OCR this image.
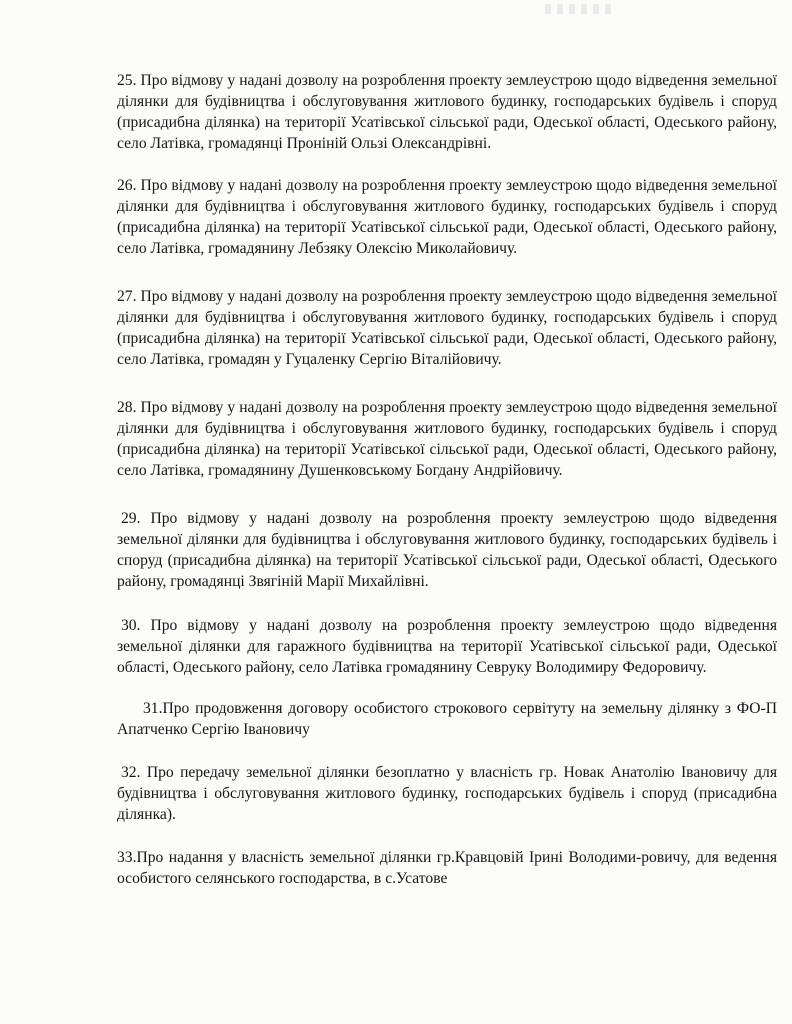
25. Про відмову у надані дозволу на розроблення проекту землеустрою щодо відведення земельної ділянки для будівництва і обслуговування житлового будинку, господарських будівель і споруд (присадибна ділянка) на території Усатівської сільської ради, Одеської області, Одеського району, село Латівка, громадянці Проніній Ользі Олександрівні.

26. Про відмову у надані дозволу на розроблення проекту землеустрою щодо відведення земельної ділянки для будівництва і обслуговування житлового будинку, господарських будівель і споруд (присадибна ділянка) на території Усатівської сільської ради, Одеської області, Одеського району, село Латівка, громадянину Лебзяку Олексію Миколайовичу.

27. Про відмову у надані дозволу на розроблення проекту землеустрою щодо відведення земельної ділянки для будівництва і обслуговування житлового будинку, господарських будівель і споруд (присадибна ділянка) на території Усатівської сільської ради, Одеської області, Одеського району, село Латівка, громадян у Гуцаленку Сергію Віталійовичу.

28. Про відмову у надані дозволу на розроблення проекту землеустрою щодо відведення земельної ділянки для будівництва і обслуговування житлового будинку, господарських будівель і споруд (присадибна ділянка) на території Усатівської сільської ради, Одеської області, Одеського району, село Латівка, громадянину Душенковському Богдану Андрійовичу.

29. Про відмову у надані дозволу на розроблення проекту землеустрою щодо відведення земельної ділянки для будівництва і обслуговування житлового будинку, господарських будівель і споруд (присадибна ділянка) на території Усатівської сільської ради, Одеської області, Одеського району, громадянці Звягіній Марії Михайлівні.

30. Про відмову у надані дозволу на розроблення проекту землеустрою щодо відведення земельної ділянки для гаражного будівництва на території Усатівської сільської ради, Одеської області, Одеського району, село Латівка громадянину Севруку Володимиру Федоровичу.

31.Про продовження договору особистого строкового сервітуту на земельну ділянку з ФО-П Апатченко Сергію Івановичу

32. Про передачу земельної ділянки безоплатно у власність гр. Новак Анатолію Івановичу для будівництва і обслуговування житлового будинку, господарських будівель і споруд (присадибна ділянка).

33.Про надання у власність земельної ділянки гр.Кравцовій Ірині Володими-ровичу, для ведення особистого селянського господарства, в с.Усатове
